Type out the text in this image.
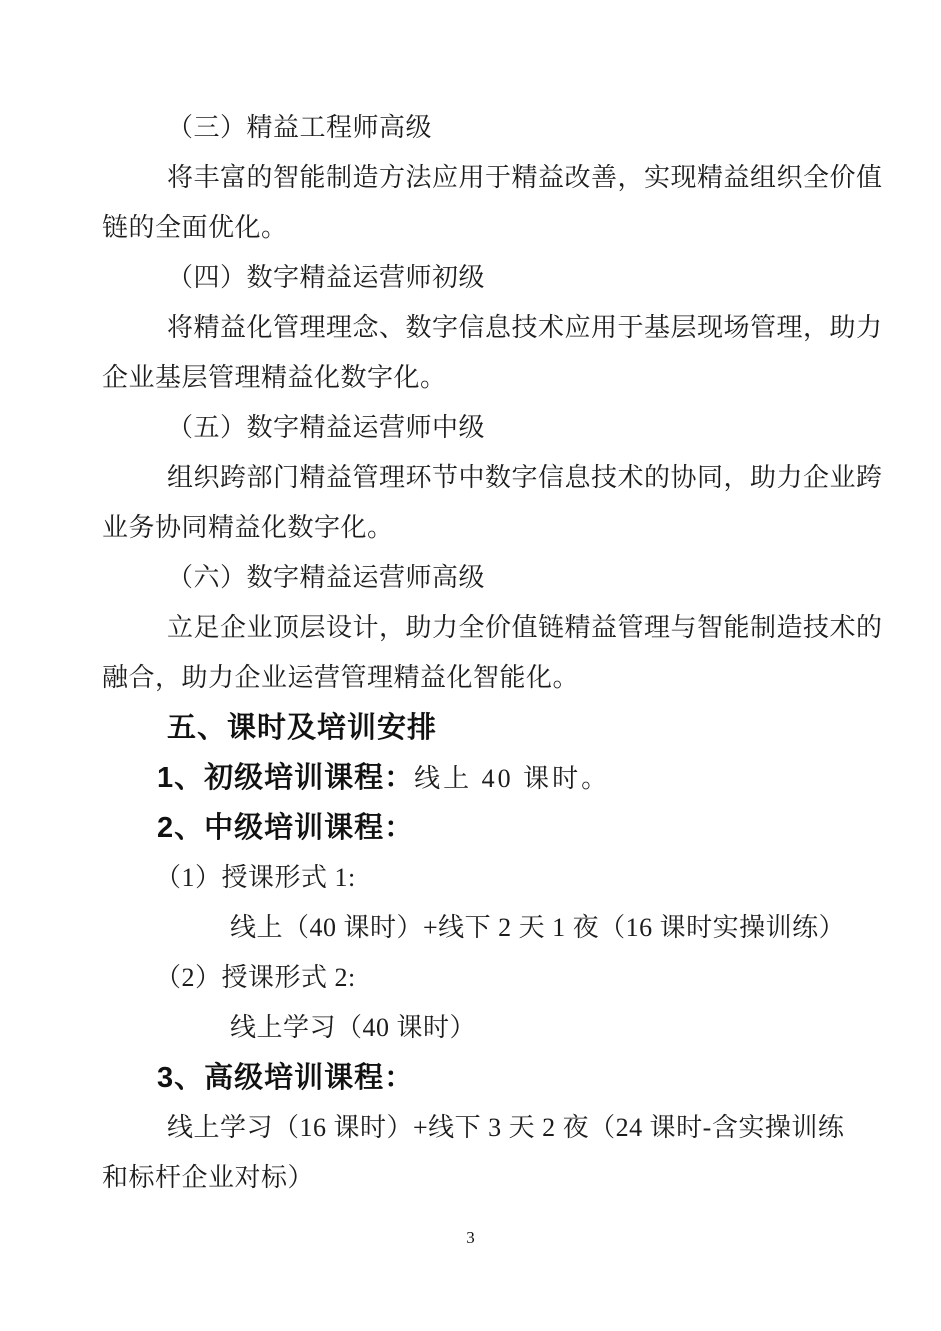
（三）精益工程师高级
将丰富的智能制造方法应用于精益改善，实现精益组织全价值
链的全面优化。
（四）数字精益运营师初级
将精益化管理理念、数字信息技术应用于基层现场管理，助力
企业基层管理精益化数字化。
（五）数字精益运营师中级
组织跨部门精益管理环节中数字信息技术的协同，助力企业跨
业务协同精益化数字化。
（六）数字精益运营师高级
立足企业顶层设计，助力全价值链精益管理与智能制造技术的
融合，助力企业运营管理精益化智能化。
五、课时及培训安排
1、初级培训课程：线上 40 课时。
2、中级培训课程：
（1）授课形式 1:
线上（40 课时）+线下 2 天 1 夜（16 课时实操训练）
（2）授课形式 2:
线上学习（40 课时）
3、高级培训课程：
线上学习（16 课时）+线下 3 天 2 夜（24 课时-含实操训练
和标杆企业对标）
3
